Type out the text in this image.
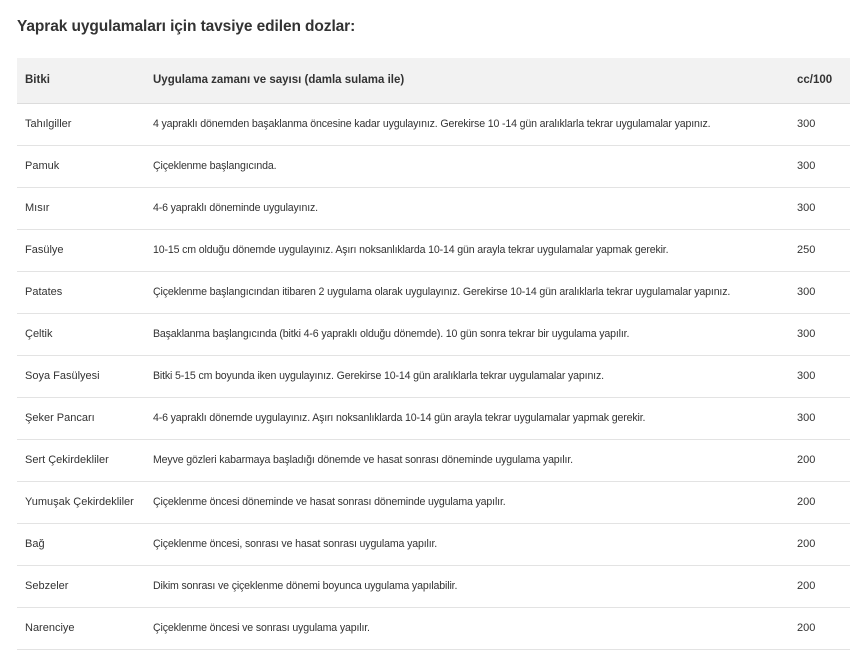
Yaprak uygulamaları için tavsiye edilen dozlar:
Bitki	Uygulama zamanı ve sayısı (damla sulama ile)	cc/100
Tahılgiller	4 yapraklı dönemden başaklanma öncesine kadar uygulayınız. Gerekirse 10 -14 gün aralıklarla tekrar uygulamalar yapınız.	300
Pamuk	Çiçeklenme başlangıcında.	300
Mısır	4-6 yapraklı döneminde uygulayınız.	300
Fasülye	10-15 cm olduğu dönemde uygulayınız. Aşırı noksanlıklarda 10-14 gün arayla tekrar uygulamalar yapmak gerekir.	250
Patates	Çiçeklenme başlangıcından itibaren 2 uygulama olarak uygulayınız. Gerekirse 10-14 gün aralıklarla tekrar uygulamalar yapınız.	300
Çeltik	Başaklanma başlangıcında (bitki 4-6 yapraklı olduğu dönemde). 10 gün sonra tekrar bir uygulama yapılır.	300
Soya Fasülyesi	Bitki 5-15 cm boyunda iken uygulayınız. Gerekirse 10-14 gün aralıklarla tekrar uygulamalar yapınız.	300
Şeker Pancarı	4-6 yapraklı dönemde uygulayınız. Aşırı noksanlıklarda 10-14 gün arayla tekrar uygulamalar yapmak gerekir.	300
Sert Çekirdekliler	Meyve gözleri kabarmaya başladığı dönemde ve hasat sonrası döneminde uygulama yapılır.	200
Yumuşak Çekirdekliler	Çiçeklenme öncesi döneminde ve hasat sonrası döneminde uygulama yapılır.	200
Bağ	Çiçeklenme öncesi, sonrası ve hasat sonrası uygulama yapılır.	200
Sebzeler	Dikim sonrası ve çiçeklenme dönemi boyunca uygulama yapılabilir.	200
Narenciye	Çiçeklenme öncesi ve sonrası uygulama yapılır.	200
